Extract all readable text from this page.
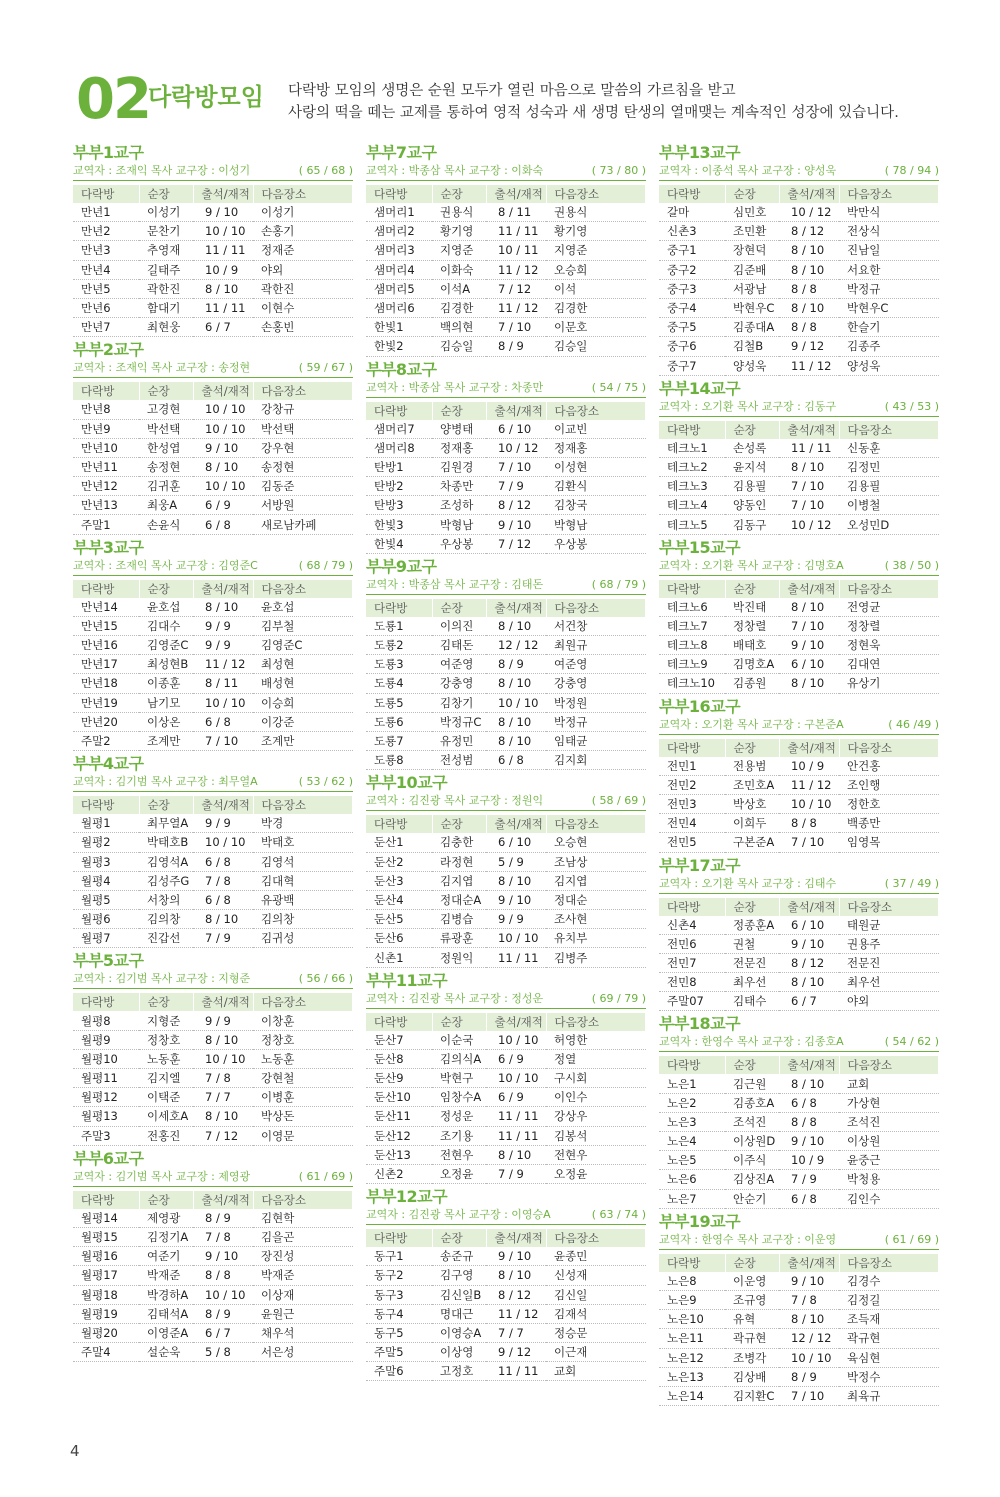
02
다락방모임 다락방 모임의 생명은 순원 모두가 열린 마음으로 말씀의 가르침을 받고
사랑의 떡을 떼는 교제를 통하여 영적 성숙과 새 생명 탄생의 열매맺는 계속적인 성장에 있습니다.
부부1교구
교역자 : 조재익 목사 교구장 : 이성기	( 65 / 68 )
다락방	순장	출석/재적	다음장소
만년1	이성기	9 / 10	이성기
만년2	문찬기	10 / 10	손홍기
만년3	추영재	11 / 11	정재준
만년4	길태주	10 / 9	야외
만년5	곽한진	8 / 10	곽한진
만년6	함대기	11 / 11	이현수
만년7	최현웅	6 / 7	손홍빈
부부2교구
교역자 : 조재익 목사 교구장 : 송정현	( 59 / 67 )
다락방	순장	출석/재적	다음장소
만년8	고경현	10 / 10	강창규
만년9	박선택	10 / 10	박선택
만년10	한성엽	9 / 10	강우현
만년11	송정현	8 / 10	송정현
만년12	김귀훈	10 / 10	김동준
만년13	최웅A	6 / 9	서방원
주말1	손윤식	6 / 8	새로남카페
부부3교구
교역자 : 조재익 목사 교구장 : 김영준C	( 68 / 79 )
다락방	순장	출석/재적	다음장소
만년14	윤호섭	8 / 10	윤호섭
만년15	김대수	9 / 9	김부철
만년16	김영준C	9 / 9	김영준C
만년17	최성현B	11 / 12	최성현
만년18	이종훈	8 / 11	배성현
만년19	남기모	10 / 10	이승희
만년20	이상온	6 / 8	이강준
주말2	조계만	7 / 10	조계만
부부4교구
교역자 : 김기범 목사 교구장 : 최무열A	( 53 / 62 )
다락방	순장	출석/재적	다음장소
월평1	최무열A	9 / 9	박경
월평2	박태호B	10 / 10	박태호
월평3	김영석A	6 / 8	김영석
월평4	김성주G	7 / 8	김대혁
월평5	서창의	6 / 8	유광백
월평6	김의창	8 / 10	김의창
월평7	진갑선	7 / 9	김귀성
부부5교구
교역자 : 김기범 목사 교구장 : 지형준	( 56 / 66 )
다락방	순장	출석/재적	다음장소
월평8	지형준	9 / 9	이창훈
월평9	정창호	8 / 10	정창호
월평10	노동훈	10 / 10	노동훈
월평11	김지엘	7 / 8	강현철
월평12	이택준	7 / 7	이병훈
월평13	이세호A	8 / 10	박상돈
주말3	전홍진	7 / 12	이영문
부부6교구
교역자 : 김기범 목사 교구장 : 제영광	( 61 / 69 )
다락방	순장	출석/재적	다음장소
월평14	제영광	8 / 9	김현학
월평15	김정기A	7 / 8	김을곤
월평16	여준기	9 / 10	장진성
월평17	박재준	8 / 8	박재준
월평18	박경하A	10 / 10	이상재
월평19	김태석A	8 / 9	윤원근
월평20	이영준A	6 / 7	채우석
주말4	설순욱	5 / 8	서은성
부부7교구
교역자 : 박종삼 목사 교구장 : 이화숙	( 73 / 80 )
다락방	순장	출석/재적	다음장소
샘머리1	권용식	8 / 11	권용식
샘머리2	황기영	11 / 11	황기영
샘머리3	지영준	10 / 11	지영준
샘머리4	이화숙	11 / 12	오승희
샘머리5	이석A	7 / 12	이석
샘머리6	김경한	11 / 12	김경한
한빛1	백의현	7 / 10	이문호
한빛2	김승일	8 / 9	김승일
부부8교구
교역자 : 박종삼 목사 교구장 : 차종만	( 54 / 75 )
다락방	순장	출석/재적	다음장소
샘머리7	양병태	6 / 10	이교빈
샘머리8	정재홍	10 / 12	정재홍
탄방1	김원경	7 / 10	이성현
탄방2	차종만	7 / 9	김환식
탄방3	조성하	8 / 12	김창국
한빛3	박형남	9 / 10	박형남
한빛4	우상봉	7 / 12	우상봉
부부9교구
교역자 : 박종삼 목사 교구장 : 김태돈	( 68 / 79 )
다락방	순장	출석/재적	다음장소
도룡1	이의진	8 / 10	서건창
도룡2	김태돈	12 / 12	최원규
도룡3	여준영	8 / 9	여준영
도룡4	강충영	8 / 10	강충영
도룡5	김창기	10 / 10	박정원
도룡6	박정규C	8 / 10	박정규
도룡7	유정민	8 / 10	임태균
도룡8	전성범	6 / 8	김지회
부부10교구
교역자 : 김진광 목사 교구장 : 정원익	( 58 / 69 )
다락방	순장	출석/재적	다음장소
둔산1	김충한	6 / 10	오승현
둔산2	라정현	5 / 9	조남상
둔산3	김지엽	8 / 10	김지엽
둔산4	정대순A	9 / 10	정대순
둔산5	김병습	9 / 9	조사현
둔산6	류광훈	10 / 10	유치부
신촌1	정원익	11 / 11	김병주
부부11교구
교역자 : 김진광 목사 교구장 : 정성운	( 69 / 79 )
다락방	순장	출석/재적	다음장소
둔산7	이순국	10 / 10	허영한
둔산8	김의식A	6 / 9	정열
둔산9	박현구	10 / 10	구시회
둔산10	임창수A	6 / 9	이인수
둔산11	정성운	11 / 11	강상우
둔산12	조기용	11 / 11	김봉석
둔산13	전현우	8 / 10	전현우
신촌2	오정윤	7 / 9	오정윤
부부12교구
교역자 : 김진광 목사 교구장 : 이영승A	( 63 / 74 )
다락방	순장	출석/재적	다음장소
동구1	송준규	9 / 10	윤종민
동구2	김구영	8 / 10	신성재
동구3	김신일B	8 / 12	김신일
동구4	명대근	11 / 12	김재석
동구5	이영승A	7 / 7	정승문
주말5	이상영	9 / 12	이근재
주말6	고정호	11 / 11	교회
부부13교구
교역자 : 이종석 목사 교구장 : 양성욱	( 78 / 94 )
다락방	순장	출석/재적	다음장소
갈마	심민호	10 / 12	박만식
신촌3	조민환	8 / 12	전상식
중구1	장현덕	8 / 10	진남일
중구2	김준배	8 / 10	서요한
중구3	서광남	8 / 8	박정규
중구4	박현우C	8 / 10	박현우C
중구5	김종대A	8 / 8	한슬기
중구6	김철B	9 / 12	김종주
중구7	양성욱	11 / 12	양성욱
부부14교구
교역자 : 오기환 목사 교구장 : 김동구	( 43 / 53 )
다락방	순장	출석/재적	다음장소
테크노1	손성록	11 / 11	신동훈
테크노2	윤지석	8 / 10	김정민
테크노3	김용필	7 / 10	김용필
테크노4	양동인	7 / 10	이병철
테크노5	김동구	10 / 12	오성민D
부부15교구
교역자 : 오기환 목사 교구장 : 김명호A	( 38 / 50 )
다락방	순장	출석/재적	다음장소
테크노6	박진태	8 / 10	전영균
테크노7	정창렬	7 / 10	정창렬
테크노8	배태호	9 / 10	정현욱
테크노9	김명호A	6 / 10	김대연
테크노10	김종원	8 / 10	유상기
부부16교구
교역자 : 오기환 목사 교구장 : 구본준A	( 46 /49 )
다락방	순장	출석/재적	다음장소
전민1	전용범	10 / 9	안건홍
전민2	조민호A	11 / 12	조인행
전민3	박상호	10 / 10	정한호
전민4	이희두	8 / 8	백종만
전민5	구본준A	7 / 10	임영목
부부17교구
교역자 : 오기환 목사 교구장 : 김태수	( 37 / 49 )
다락방	순장	출석/재적	다음장소
신촌4	정종훈A	6 / 10	태원균
전민6	권철	9 / 10	권용주
전민7	전문진	8 / 12	전문진
전민8	최우선	8 / 10	최우선
주말07	김태수	6 / 7	야외
부부18교구
교역자 : 한영수 목사 교구장 : 김종호A	( 54 / 62 )
다락방	순장	출석/재적	다음장소
노은1	김근원	8 / 10	교회
노은2	김종호A	6 / 8	가상현
노은3	조석진	8 / 8	조석진
노은4	이상원D	9 / 10	이상원
노은5	이주식	10 / 9	윤중근
노은6	김상진A	7 / 9	박청용
노은7	안순기	6 / 8	김인수
부부19교구
교역자 : 한영수 목사 교구장 : 이운영	( 61 / 69 )
다락방	순장	출석/재적	다음장소
노은8	이운영	9 / 10	김경수
노은9	조규영	7 / 8	김정길
노은10	유혁	8 / 10	조득재
노은11	곽규현	12 / 12	곽규현
노은12	조병각	10 / 10	육심현
노은13	김상배	8 / 9	박정수
노은14	김지환C	7 / 10	최육규
4
